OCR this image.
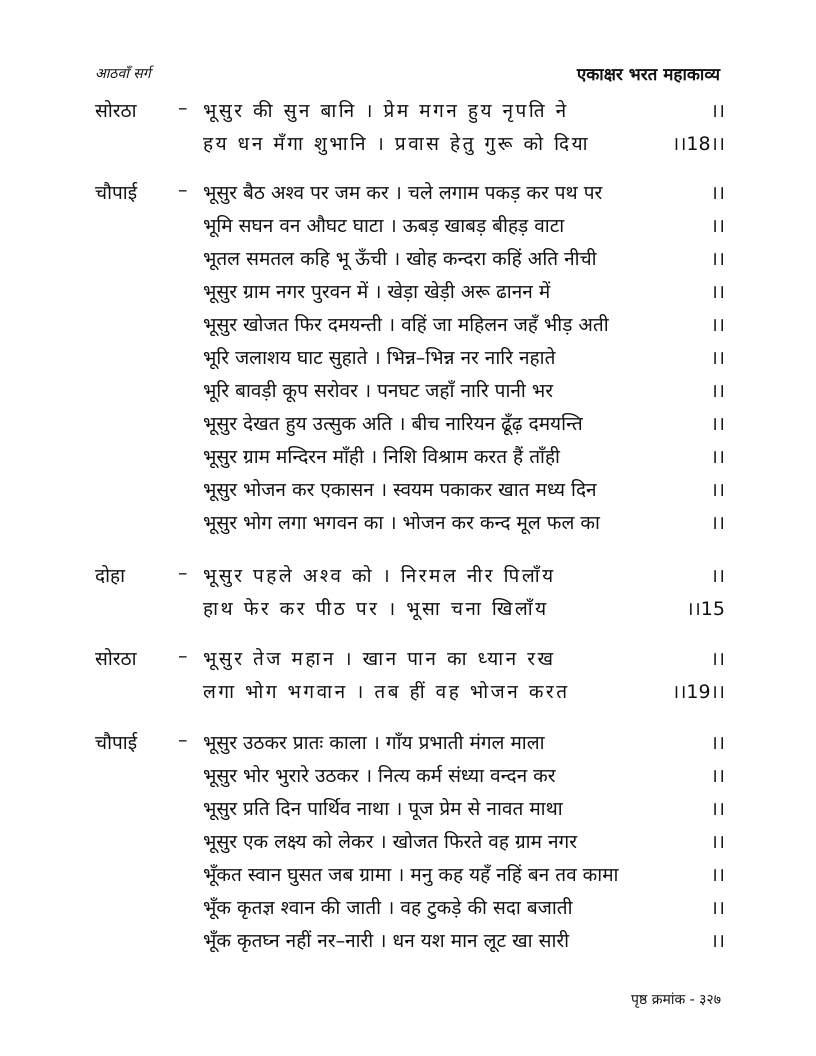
आठवाँ सर्ग	एकाक्षर भरत महाकाव्य
सोरठा – भूसुर की सुन बानि । प्रेम मगन हुय नृपति ने	।।
हय धन मँगा शुभानि । प्रवास हेतु गुरू को दिया	।।18।।
चौपाई – भूसुर बैठ अश्व पर जम कर । चले लगाम पकड़ कर पथ पर	।।
भूमि सघन वन औघट घाटा । ऊबड़ खाबड़ बीहड़ वाटा	।।
भूतल समतल कहि भू ऊँची । खोह कन्दरा कहिं अति नीची	।।
भूसुर ग्राम नगर पुरवन में । खेड़ा खेड़ी अरू ढानन में	।।
भूसुर खोजत फिर दमयन्ती । वहिं जा महिलन जहँ भीड़ अती	।।
भूरि जलाशय घाट सुहाते । भिन्न–भिन्न नर नारि नहाते	।।
भूरि बावड़ी कूप सरोवर । पनघट जहाँ नारि पानी भर	।।
भूसुर देखत हुय उत्सुक अति । बीच नारियन ढूँढ़ दमयन्ति	।।
भूसुर ग्राम मन्दिरन माँही । निशि विश्राम करत हैं ताँही	।।
भूसुर भोजन कर एकासन । स्वयम पकाकर खात मध्य दिन	।।
भूसुर भोग लगा भगवन का । भोजन कर कन्द मूल फल का	।।
दोहा	– भूसुर पहले अश्व को । निरमल नीर पिलाँय	।।
हाथ फेर कर पीठ पर । भूसा चना खिलाँय	।।15
सोरठा – भूसुर तेज महान । खान पान का ध्यान रख	।।
लगा भोग भगवान । तब हीं वह भोजन करत	।।19।।
चौपाई – भूसुर उठकर प्रातः काला । गाँय प्रभाती मंगल माला	।।
भूसुर भोर भुरारे उठकर । नित्य कर्म संध्या वन्दन कर	।।
भूसुर प्रति दिन पार्थिव नाथा । पूज प्रेम से नावत माथा	।।
भूसुर एक लक्ष्य को लेकर । खोजत फिरते वह ग्राम नगर	।।
भूँकत स्वान घुसत जब ग्रामा । मनु कह यहँ नहिं बन तव कामा	।।
भूँक कृतज्ञ श्वान की जाती । वह टुकड़े की सदा बजाती	।।
भूँक कृतघ्न नहीं नर–नारी । धन यश मान लूट खा सारी	।।
पृष्ठ क्रमांक - ३२७
